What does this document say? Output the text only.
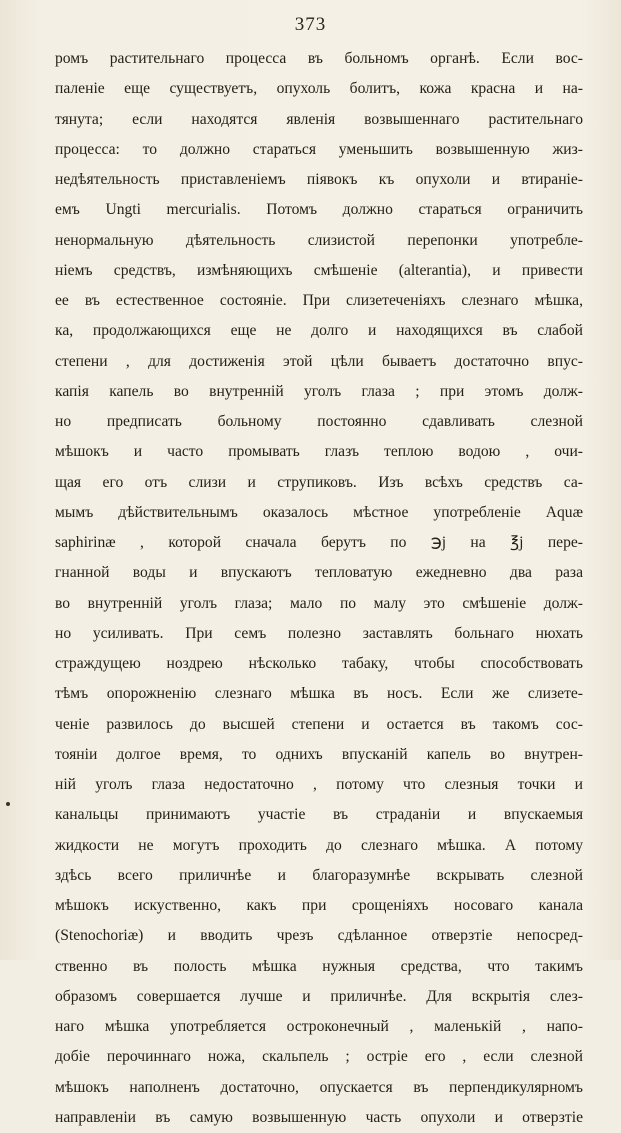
373
ромъ растительнаго процесса въ больномъ органѣ. Если вос-
паленіе еще существуетъ, опухоль болитъ, кожа красна и на-
тянута; если находятся явленія возвышеннаго растительнаго
процесса: то должно стараться уменьшить возвышенную жиз-
недѣятельность приставленіемъ піявокъ къ опухоли и втираніе-
емъ Ungti mercurialis. Потомъ должно стараться ограничить
ненормальную дѣятельность слизистой перепонки употребле-
ніемъ средствъ, измѣняющихъ смѣшеніе (alterantia), и привести
ее въ естественное состояніе. При слизетеченіяхъ слезнаго мѣшка,
ка, продолжающихся еще не долго и находящихся въ слабой
степени , для достиженія этой цѣли бываетъ достаточно впус-
капія капель во внутренній уголъ глаза ; при этомъ долж-
но предписать больному постоянно сдавливать слезной
мѣшокъ и часто промывать глазъ теплою водою , очи-
щая его отъ слизи и струпиковъ. Изъ всѣхъ средствъ са-
мымъ дѣйствительнымъ оказалось мѣстное употребленіе Aquæ
saphirinæ , которой сначала берутъ по ℈j на ℥j пере-
гнанной воды и впускаютъ тепловатую ежедневно два раза
во внутренній уголъ глаза; мало по малу это смѣшеніе долж-
но усиливать. При семъ полезно заставлять больнаго нюхать
страждущею ноздрею нѣсколько табаку, чтобы способствовать
тѣмъ опорожненію слезнаго мѣшка въ носъ. Если же слизете-
ченіе развилось до высшей степени и остается въ такомъ сос-
тояніи долгое время, то однихъ впусканій капель во внутрен-
ній уголъ глаза недостаточно , потому что слезныя точки и
канальцы принимаютъ участіе въ страданіи и впускаемыя
жидкости не могутъ проходить до слезнаго мѣшка. А потому
здѣсь всего приличнѣе и благоразумнѣе вскрывать слезной
мѣшокъ искуственно, какъ при срощеніяхъ носоваго канала
(Stenochoriæ) и вводить чрезъ сдѣланное отверзтіе непосред-
ственно въ полость мѣшка нужныя средства, что такимъ
образомъ совершается лучше и приличнѣе. Для вскрытія слез-
наго мѣшка употребляется остроконечный , маленькій , напо-
добіе перочиннаго ножа, скальпель ; остріе его , если слезной
мѣшокъ наполненъ достаточно, опускается въ перпендикулярномъ
направленіи въ самую возвышенную часть опухоли и отверзтіе
